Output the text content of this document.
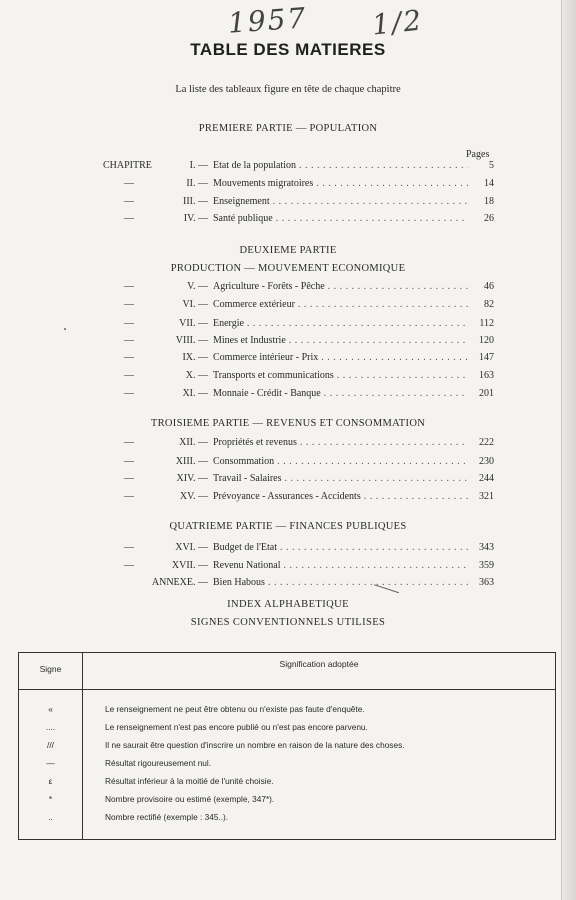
1957 1/2
TABLE DES MATIERES
La liste des tableaux figure en tête de chaque chapitre
PREMIERE PARTIE — POPULATION
Pages
CHAPITRE	I. — Etat de la population . . .	5
—	II. — Mouvements migratoires . . .	14
—	III. — Enseignement . . .	18
—	IV. — Santé publique . . .	26
DEUXIEME PARTIE
PRODUCTION — MOUVEMENT ECONOMIQUE
—	V. — Agriculture - Forêts - Pêche . . .	46
—	VI. — Commerce extérieur . . .	82
—	VII. — Energie . . .	112
—	VIII. — Mines et Industrie . . .	120
—	IX. — Commerce intérieur - Prix . . .	147
—	X. — Transports et communications . . .	163
—	XI. — Monnaie - Crédit - Banque . . .	201
TROISIEME PARTIE — REVENUS ET CONSOMMATION
—	XII. — Propriétés et revenus . . .	222
—	XIII. — Consommation . . .	230
—	XIV. — Travail - Salaires . . .	244
—	XV. — Prévoyance - Assurances - Accidents . . .	321
QUATRIEME PARTIE — FINANCES PUBLIQUES
—	XVI. — Budget de l'Etat . . .	343
—	XVII. — Revenu National . . .	359
ANNEXE. — Bien Habous . . .	363
INDEX ALPHABETIQUE
SIGNES CONVENTIONNELS UTILISES
Signe	Signification adoptée
«	Le renseignement ne peut être obtenu ou n'existe pas faute d'enquête.
....	Le renseignement n'est pas encore publié ou n'est pas encore parvenu.
///	Il ne saurait être question d'inscrire un nombre en raison de la nature des choses.
—	Résultat rigoureusement nul.
ε	Résultat inférieur à la moitié de l'unité choisie.
*	Nombre provisoire ou estimé (exemple, 347*).
..	Nombre rectifié (exemple : 345..).
